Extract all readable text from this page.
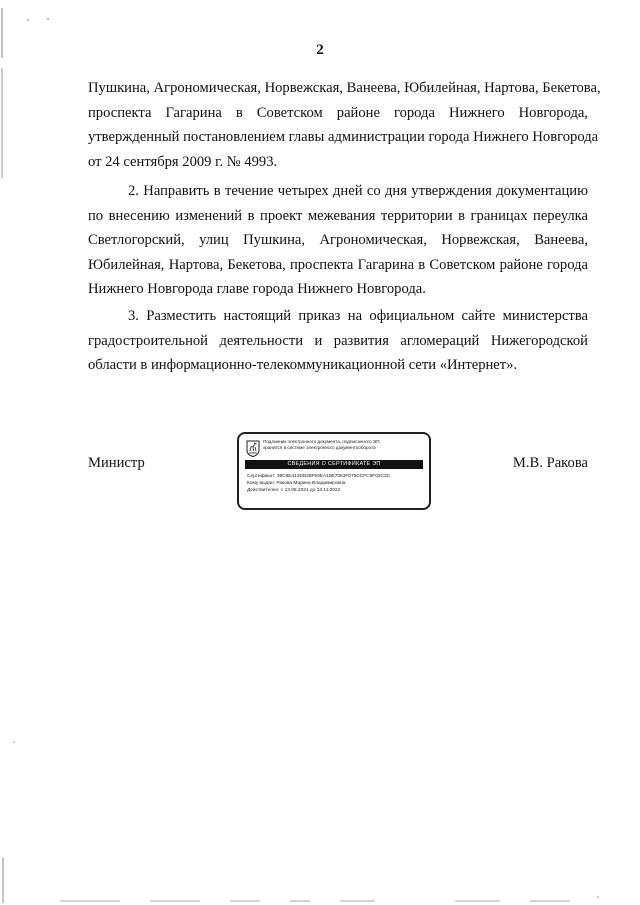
2
Пушкина, Агрономическая, Норвежская, Ванеева, Юбилейная, Нартова, Бекетова,
проспекта Гагарина в Советском районе города Нижнего Новгорода,
утвержденный постановлением главы администрации города Нижнего Новгорода
от 24 сентября 2009 г. № 4993.
2. Направить в течение четырех дней со дня утверждения документацию
по внесению изменений в проект межевания территории в границах переулка
Светлогорский, улиц Пушкина, Агрономическая, Норвежская, Ванеева,
Юбилейная, Нартова, Бекетова, проспекта Гагарина в Советском районе города
Нижнего Новгорода главе города Нижнего Новгорода.
3. Разместить настоящий приказ на официальном сайте министерства
градостроительной деятельности и развития агломераций Нижегородской
области в информационно-телекоммуникационной сети «Интернет».
Министр	М.В. Ракова
Подлинник электронного документа, подписанного ЭП,
хранится в системе электронного документооборота
СВЕДЕНИЯ О СЕРТИФИКАТЕ ЭП
Сертификат: 39C8E413DB38F59EA1B57063F075CCFC9F02C3C
Кому выдан: Ракова Марина Владимировна
Действителен: с 13.08.2021 до 13.11.2022
